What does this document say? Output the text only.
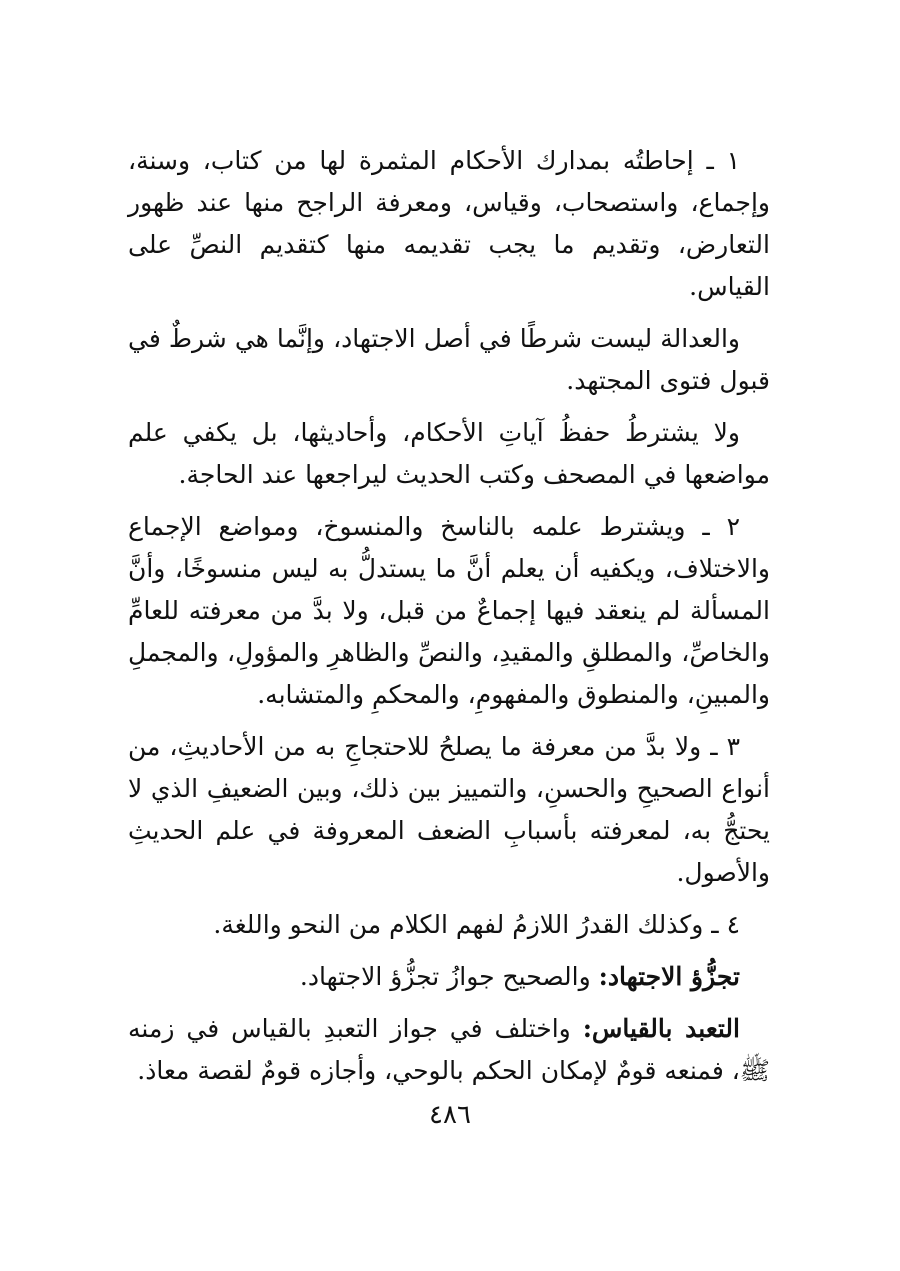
١ ـ إحاطتُه بمدارك الأحكام المثمرة لها من كتاب، وسنة، وإجماع، واستصحاب، وقياس، ومعرفة الراجح منها عند ظهور التعارض، وتقديم ما يجب تقديمه منها كتقديم النصِّ على القياس.

والعدالة ليست شرطًا في أصل الاجتهاد، وإنَّما هي شرطٌ في قبول فتوى المجتهد.

ولا يشترطُ حفظُ آياتِ الأحكام، وأحاديثها، بل يكفي علم مواضعها في المصحف وكتب الحديث ليراجعها عند الحاجة.

٢ ـ ويشترط علمه بالناسخ والمنسوخ، ومواضع الإجماع والاختلاف، ويكفيه أن يعلم أنَّ ما يستدلُّ به ليس منسوخًا، وأنَّ المسألة لم ينعقد فيها إجماعٌ من قبل، ولا بدَّ من معرفته للعامِّ والخاصِّ، والمطلقِ والمقيدِ، والنصِّ والظاهرِ والمؤولِ، والمجملِ والمبينِ، والمنطوق والمفهومِ، والمحكمِ والمتشابه.

٣ ـ ولا بدَّ من معرفة ما يصلحُ للاحتجاجِ به من الأحاديثِ، من أنواع الصحيحِ والحسنِ، والتمييز بين ذلك، وبين الضعيفِ الذي لا يحتجُّ به، لمعرفته بأسبابِ الضعف المعروفة في علم الحديثِ والأصول.

٤ ـ وكذلك القدرُ اللازمُ لفهم الكلام من النحو واللغة.

تجزُّؤ الاجتهاد: والصحيح جوازُ تجزُّؤ الاجتهاد.

التعبد بالقياس: واختلف في جواز التعبدِ بالقياس في زمنه ﷺ، فمنعه قومٌ لإمكان الحكم بالوحي، وأجازه قومٌ لقصة معاذ.

٤٨٦
